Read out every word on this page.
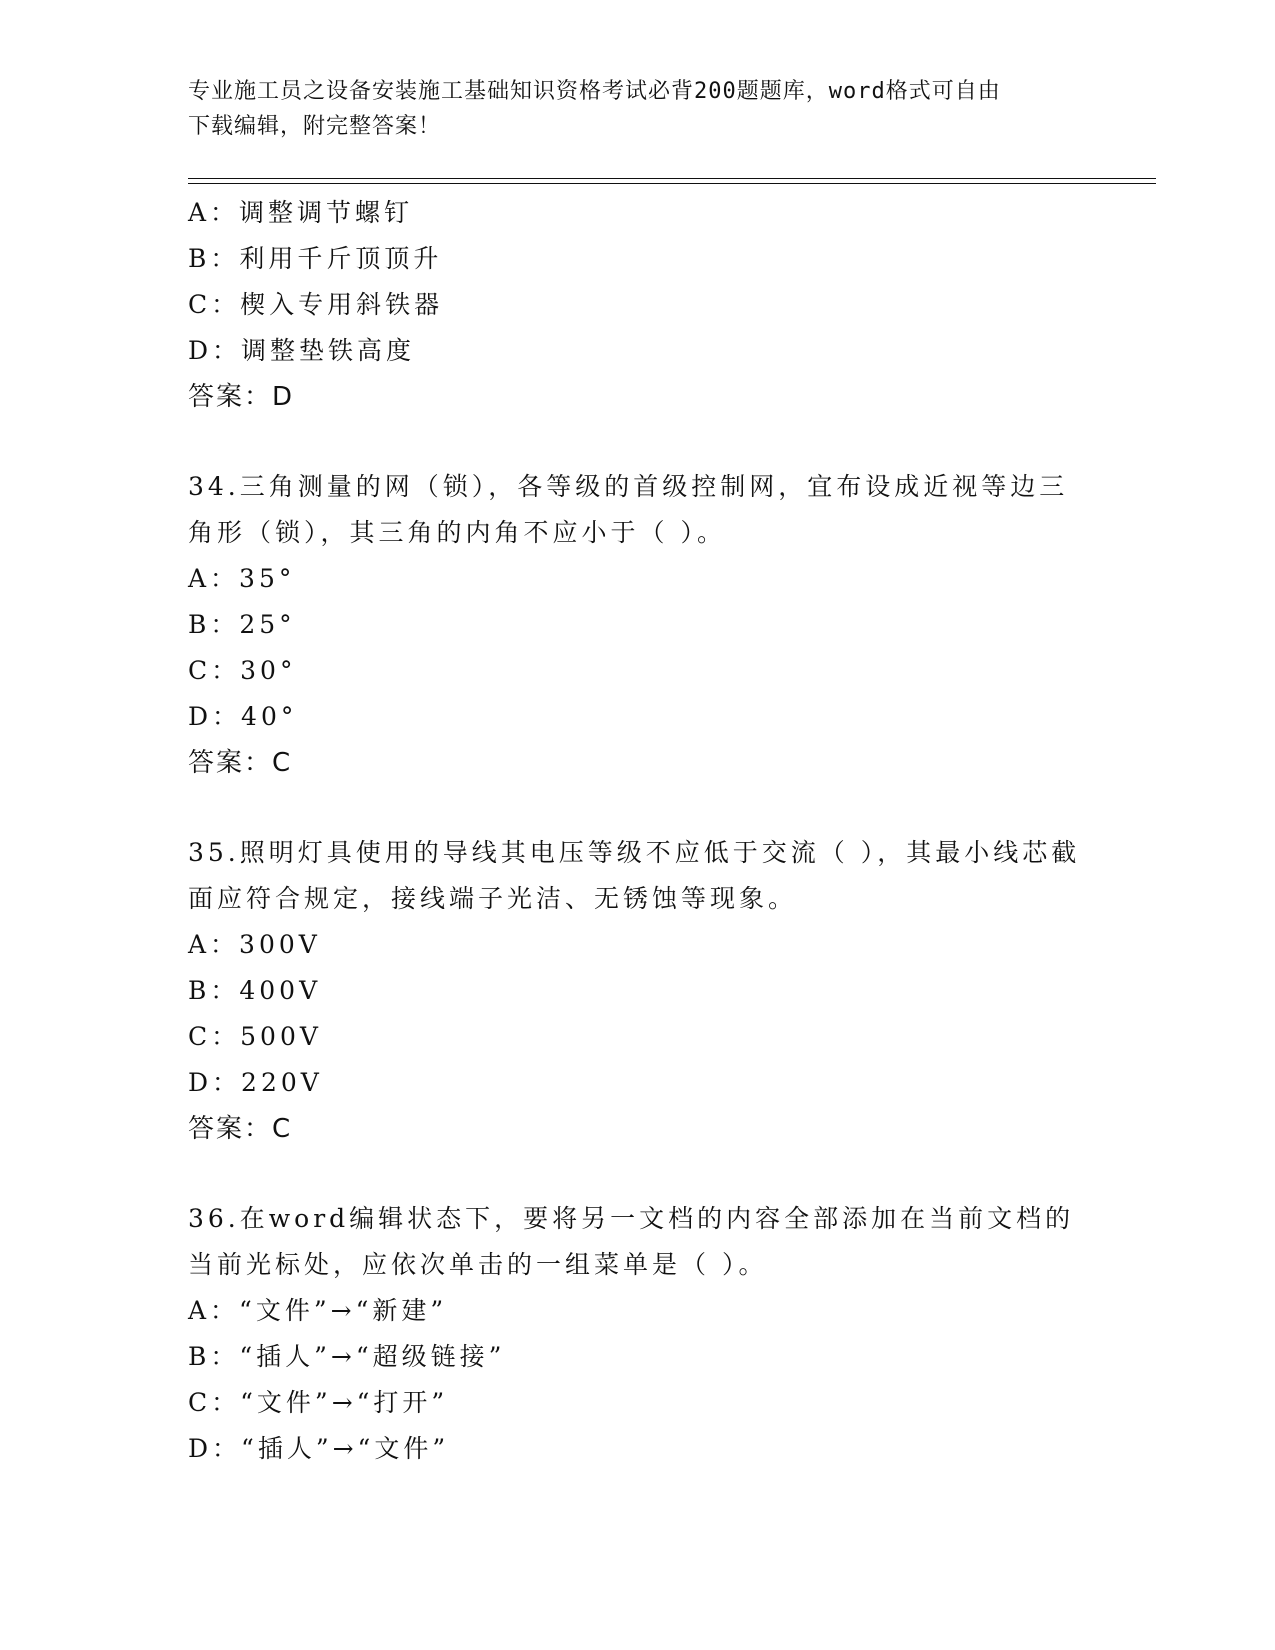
专业施工员之设备安装施工基础知识资格考试必背200题题库，word格式可自由
下载编辑，附完整答案！
A：调整调节螺钉
B：利用千斤顶顶升
C：楔入专用斜铁器
D：调整垫铁高度
答案：D
34.三角测量的网（锁），各等级的首级控制网，宜布设成近视等边三角形（锁），其三角的内角不应小于（ ）。
A：35°
B：25°
C：30°
D：40°
答案：C
35.照明灯具使用的导线其电压等级不应低于交流（ ），其最小线芯截面应符合规定，接线端子光洁、无锈蚀等现象。
A：300V
B：400V
C：500V
D：220V
答案：C
36.在word编辑状态下，要将另一文档的内容全部添加在当前文档的当前光标处，应依次单击的一组菜单是（ ）。
A：“文件”→“新建”
B：“插人”→“超级链接”
C：“文件”→“打开”
D：“插人”→“文件”
